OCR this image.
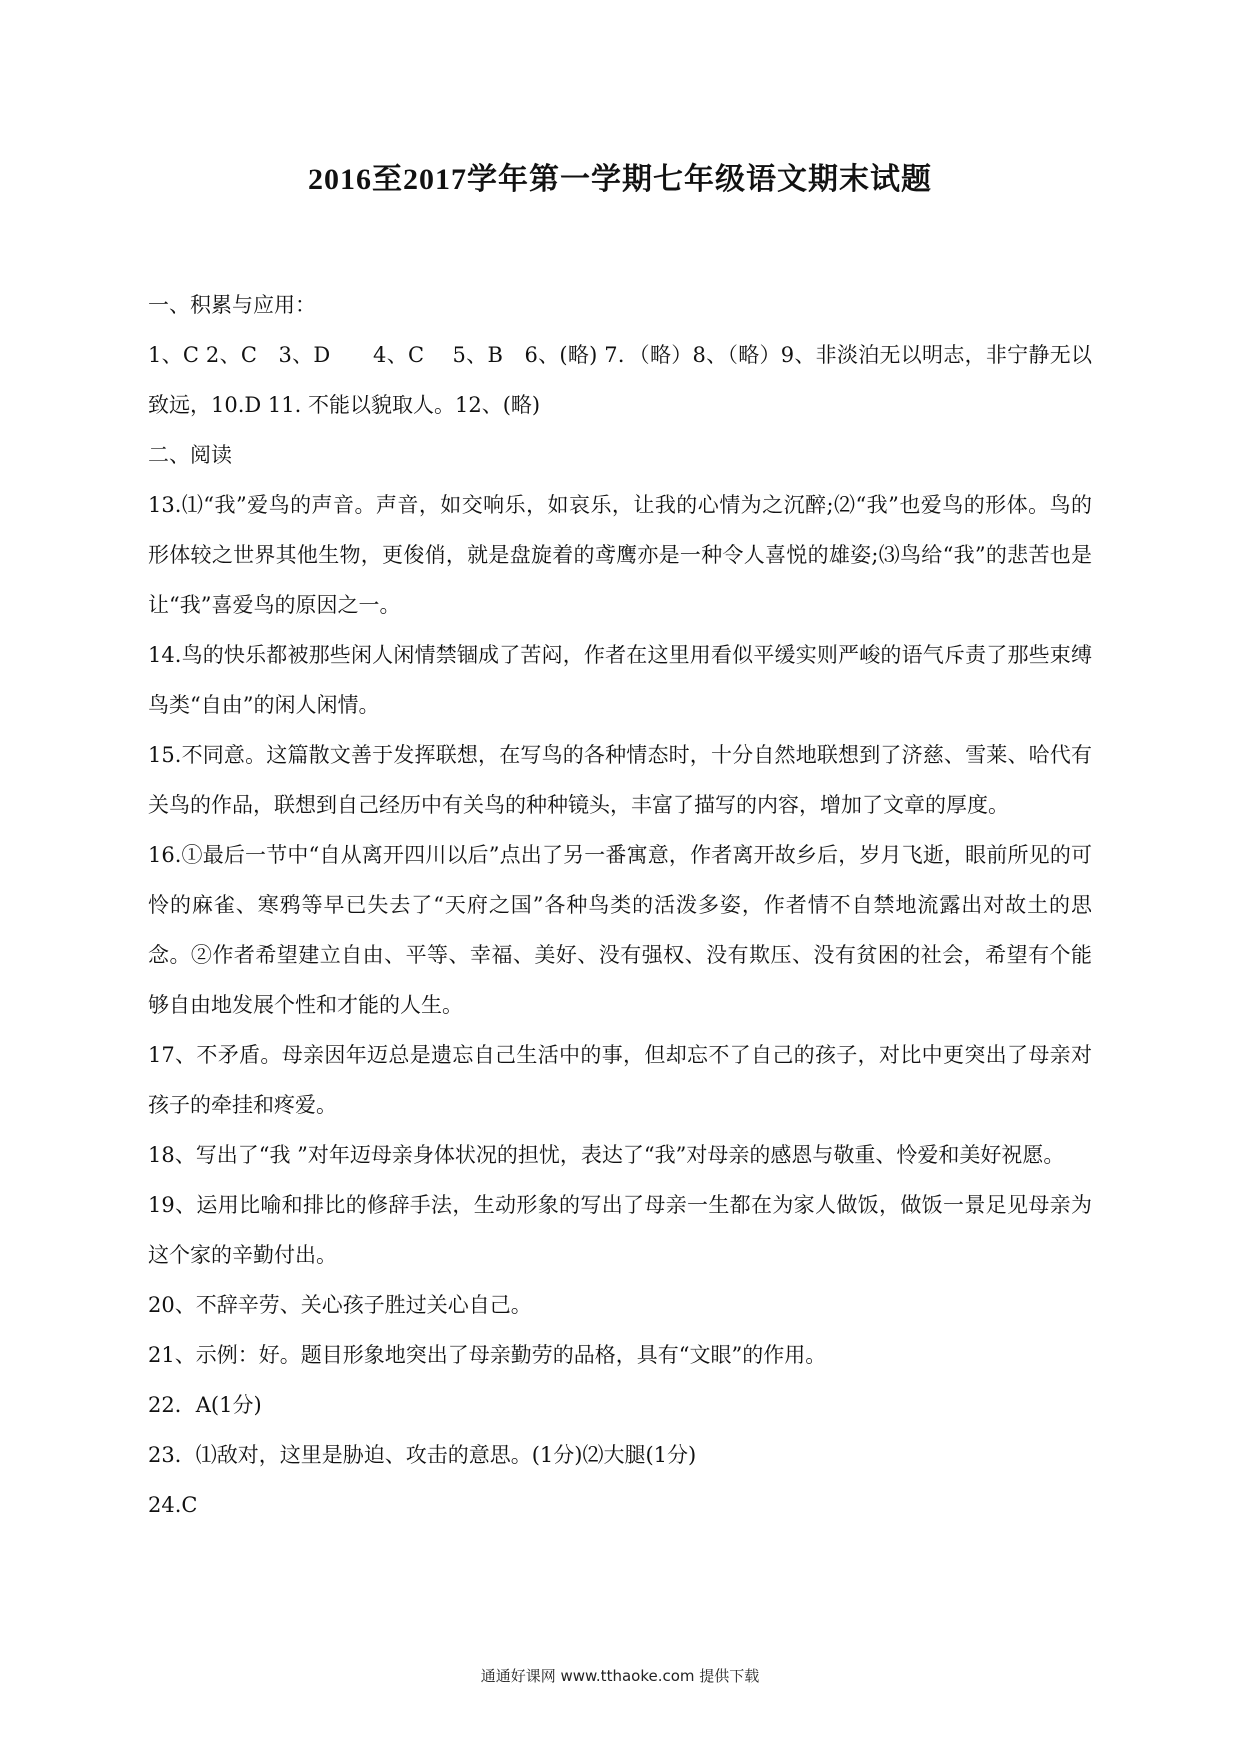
2016至2017学年第一学期七年级语文期末试题

一、积累与应用：

1、C 2、C　3、D　　4、C　 5、B　6、(略) 7．（略）8、（略）9、非淡泊无以明志，非宁静无以致远，10.D 11. 不能以貌取人。12、(略)

二、阅读

13.⑴“我”爱鸟的声音。声音，如交响乐，如哀乐，让我的心情为之沉醉;⑵“我”也爱鸟的形体。鸟的形体较之世界其他生物，更俊俏，就是盘旋着的鸢鹰亦是一种令人喜悦的雄姿;⑶鸟给“我”的悲苦也是让“我”喜爱鸟的原因之一。

14.鸟的快乐都被那些闲人闲情禁锢成了苦闷，作者在这里用看似平缓实则严峻的语气斥责了那些束缚鸟类“自由”的闲人闲情。

15.不同意。这篇散文善于发挥联想，在写鸟的各种情态时，十分自然地联想到了济慈、雪莱、哈代有关鸟的作品，联想到自己经历中有关鸟的种种镜头，丰富了描写的内容，增加了文章的厚度。

16.①最后一节中“自从离开四川以后”点出了另一番寓意，作者离开故乡后，岁月飞逝，眼前所见的可怜的麻雀、寒鸦等早已失去了“天府之国”各种鸟类的活泼多姿，作者情不自禁地流露出对故土的思念。②作者希望建立自由、平等、幸福、美好、没有强权、没有欺压、没有贫困的社会，希望有个能够自由地发展个性和才能的人生。

17、不矛盾。母亲因年迈总是遗忘自己生活中的事，但却忘不了自己的孩子，对比中更突出了母亲对孩子的牵挂和疼爱。

18、写出了“我 ”对年迈母亲身体状况的担忧，表达了“我”对母亲的感恩与敬重、怜爱和美好祝愿。

19、运用比喻和排比的修辞手法，生动形象的写出了母亲一生都在为家人做饭，做饭一景足见母亲为这个家的辛勤付出。

20、不辞辛劳、关心孩子胜过关心自己。

21、示例：好。题目形象地突出了母亲勤劳的品格，具有“文眼”的作用。

22．A(1分)

23．⑴敌对，这里是胁迫、攻击的意思。(1分)⑵大腿(1分)

24.C

通通好课网 www.tthaoke.com 提供下载
